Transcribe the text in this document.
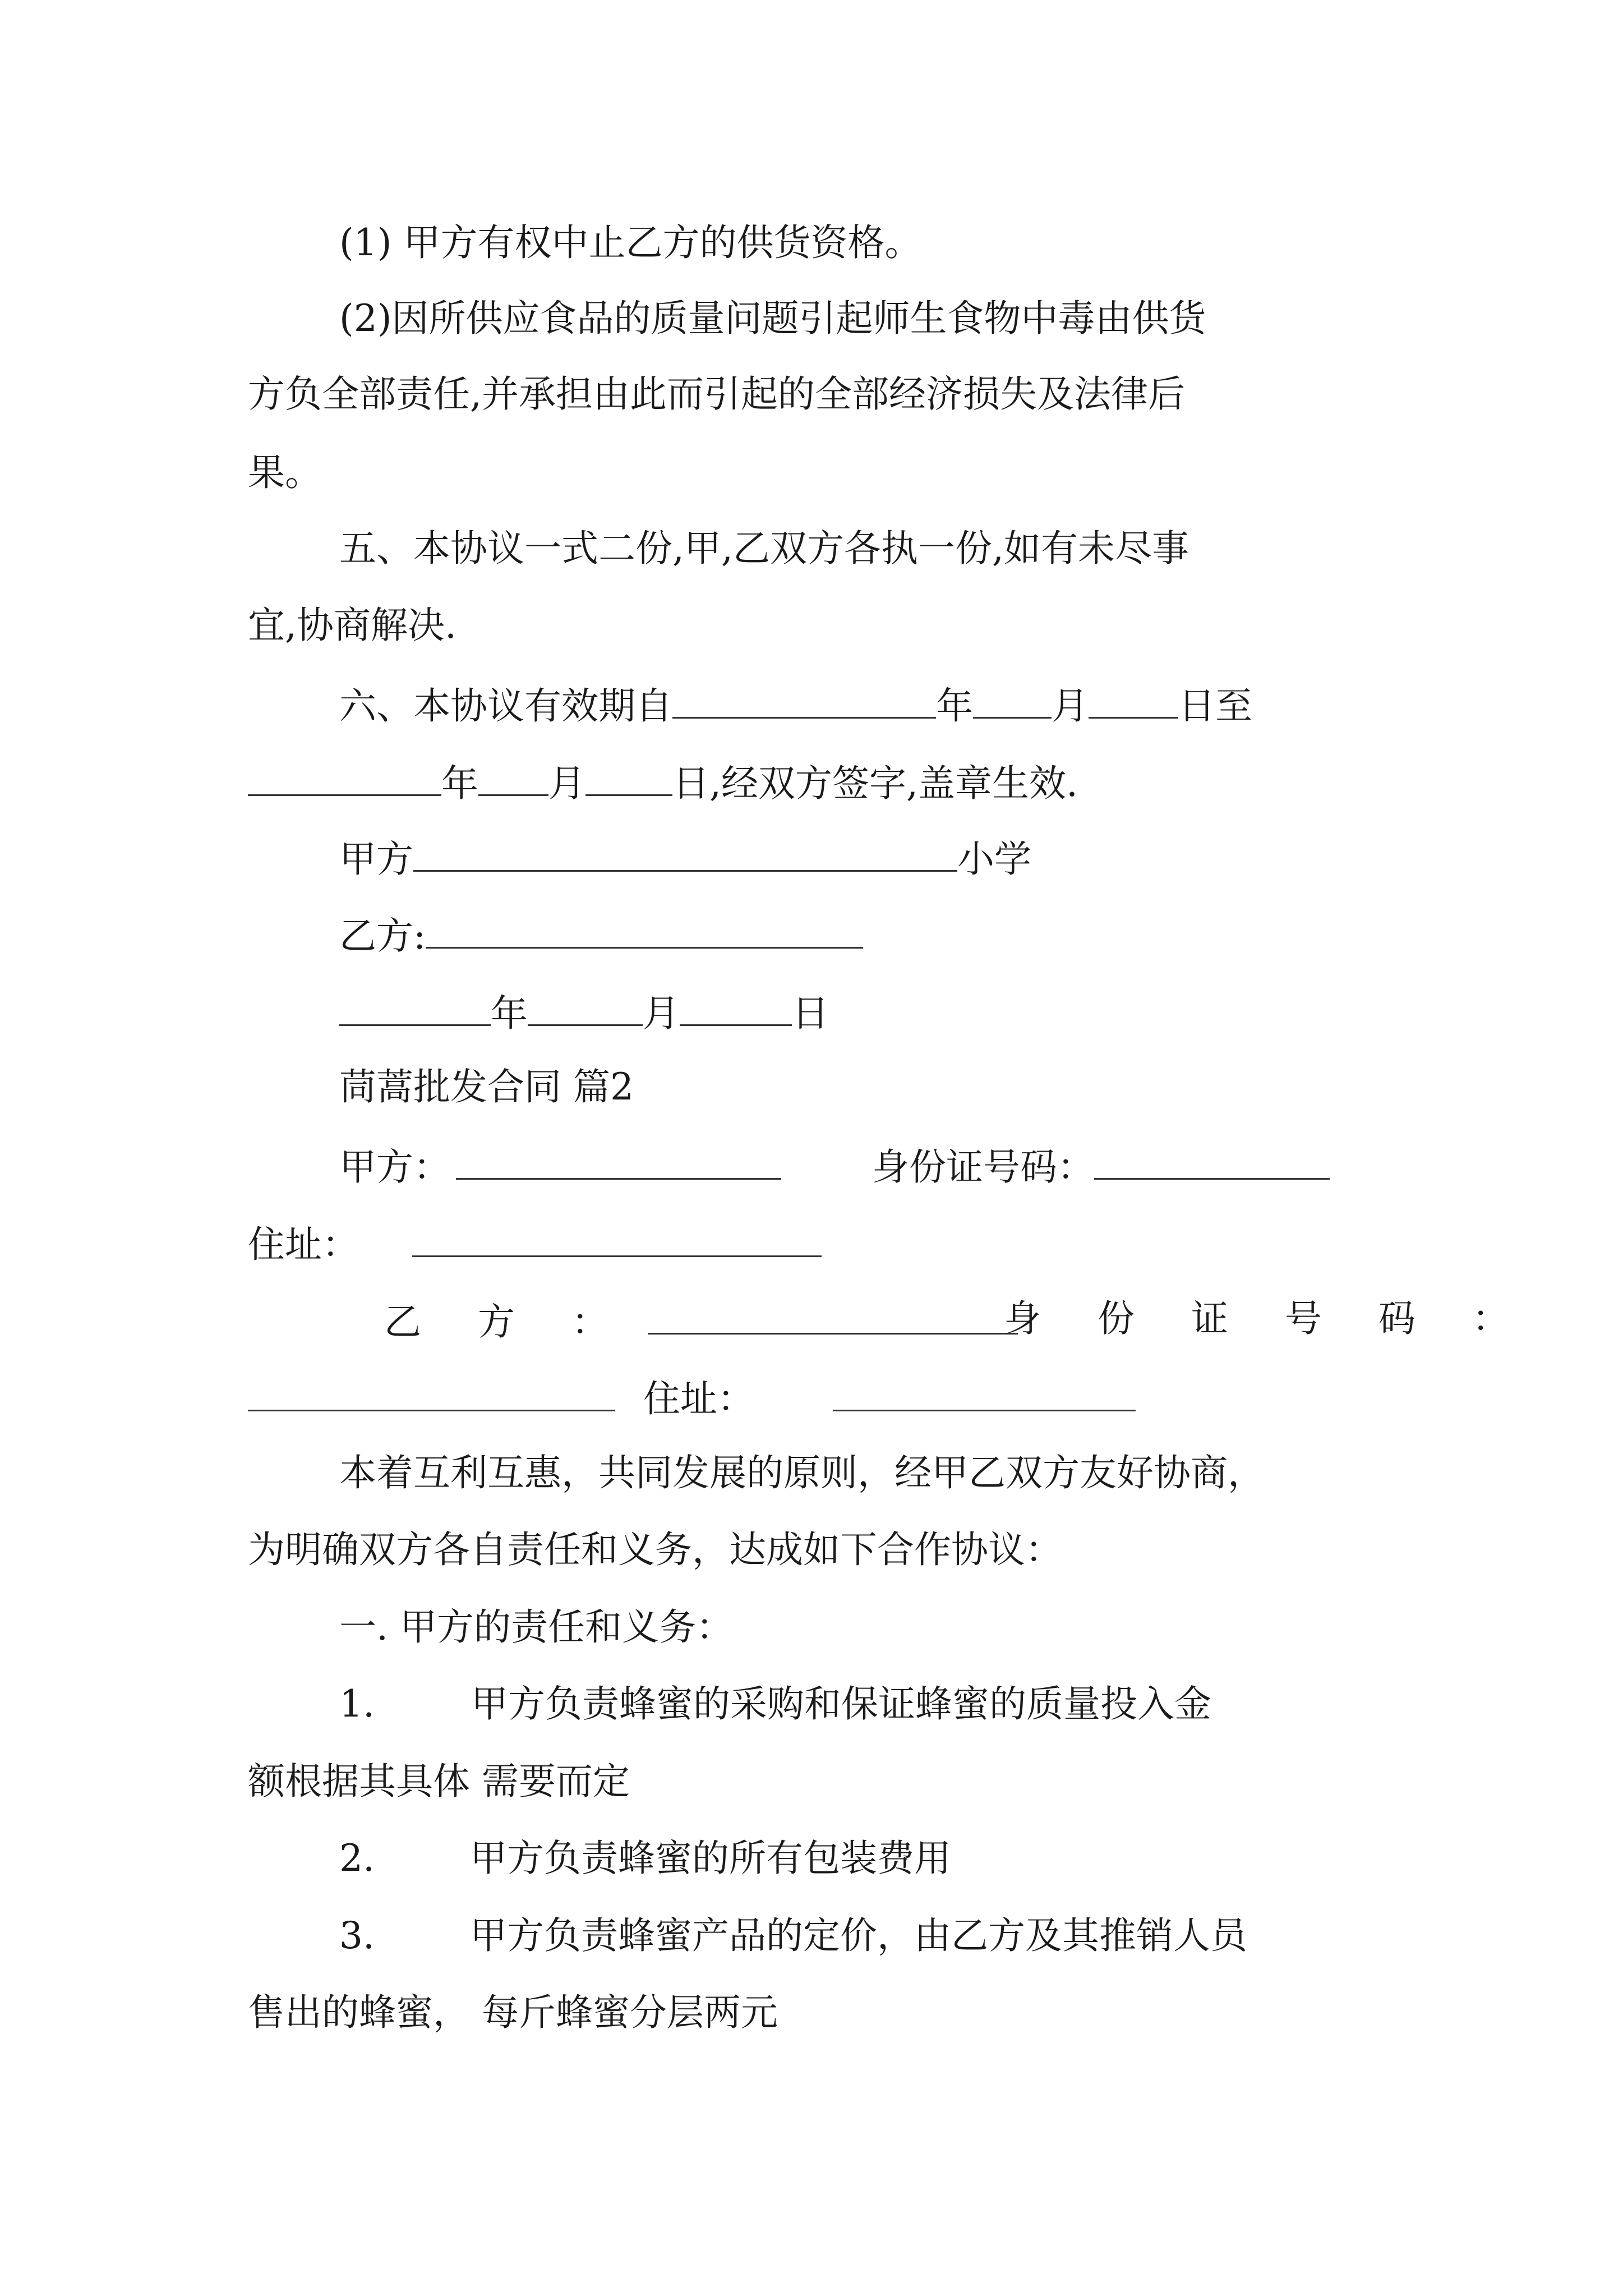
(1) 甲方有权中止乙方的供货资格。
(2)因所供应食品的质量问题引起师生食物中毒由供货
方负全部责任,并承担由此而引起的全部经济损失及法律后
果。
五、本协议一式二份,甲,乙双方各执一份,如有未尽事
宜,协商解决.
六、本协议有效期自	年 月 日至
年 月 日,经双方签字,盖章生效.
甲方	小学
乙方:
年	月	日
茼蒿批发合同 篇2
甲方：	身份证号码：
住址：
乙 方 ：	身 份 证 号 码 ：
住址：
本着互利互惠，共同发展的原则，经甲乙双方友好协商，
为明确双方各自责任和义务，达成如下合作协议：
一. 甲方的责任和义务：
1.	甲方负责蜂蜜的采购和保证蜂蜜的质量投入金
额根据其具体 需要而定
2.	甲方负责蜂蜜的所有包装费用
3.	甲方负责蜂蜜产品的定价，由乙方及其推销人员
售出的蜂蜜， 每斤蜂蜜分层两元
